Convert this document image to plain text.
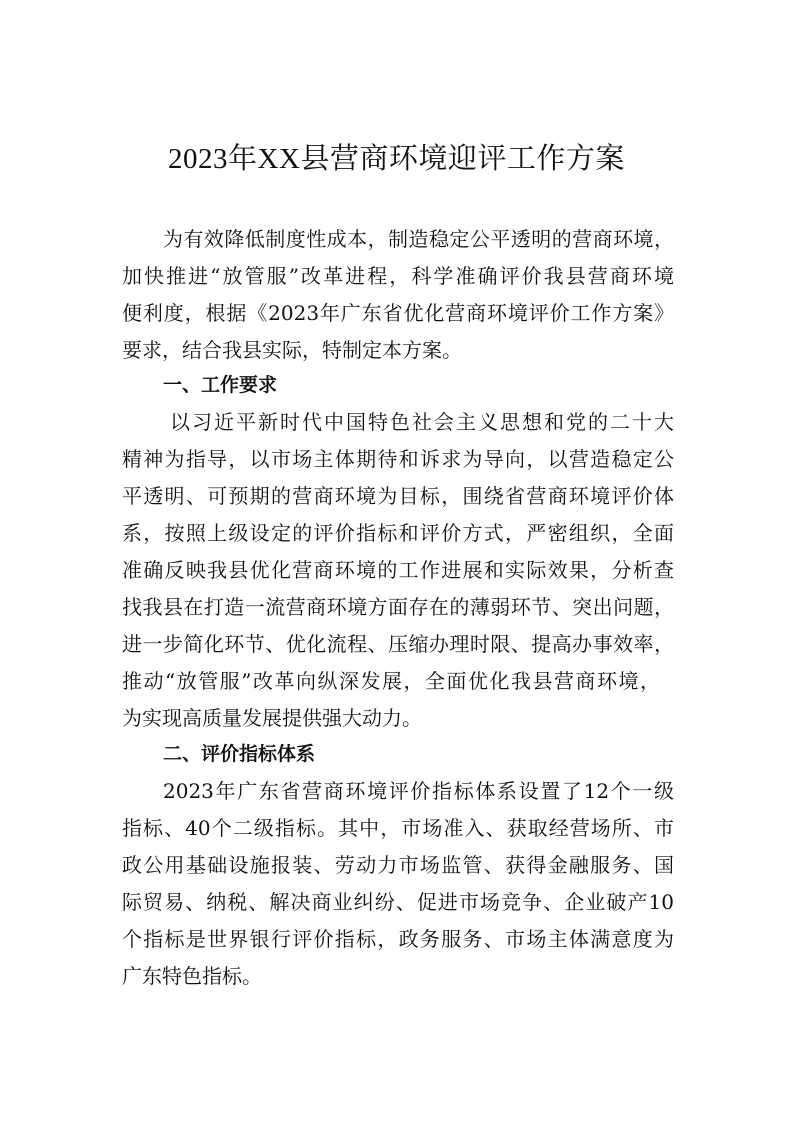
2023年XX县营商环境迎评工作方案
为有效降低制度性成本，制造稳定公平透明的营商环境，
加快推进“放管服”改革进程，科学准确评价我县营商环境
便利度，根据《2023年广东省优化营商环境评价工作方案》
要求，结合我县实际，特制定本方案。
一、工作要求
以习近平新时代中国特色社会主义思想和党的二十大
精神为指导，以市场主体期待和诉求为导向，以营造稳定公
平透明、可预期的营商环境为目标，围绕省营商环境评价体
系，按照上级设定的评价指标和评价方式，严密组织，全面
准确反映我县优化营商环境的工作进展和实际效果，分析查
找我县在打造一流营商环境方面存在的薄弱环节、突出问题，
进一步简化环节、优化流程、压缩办理时限、提高办事效率，
推动“放管服”改革向纵深发展，全面优化我县营商环境，
为实现高质量发展提供强大动力。
二、评价指标体系
2023年广东省营商环境评价指标体系设置了12个一级
指标、40个二级指标。其中，市场准入、获取经营场所、市
政公用基础设施报装、劳动力市场监管、获得金融服务、国
际贸易、纳税、解决商业纠纷、促进市场竞争、企业破产10
个指标是世界银行评价指标，政务服务、市场主体满意度为
广东特色指标。
